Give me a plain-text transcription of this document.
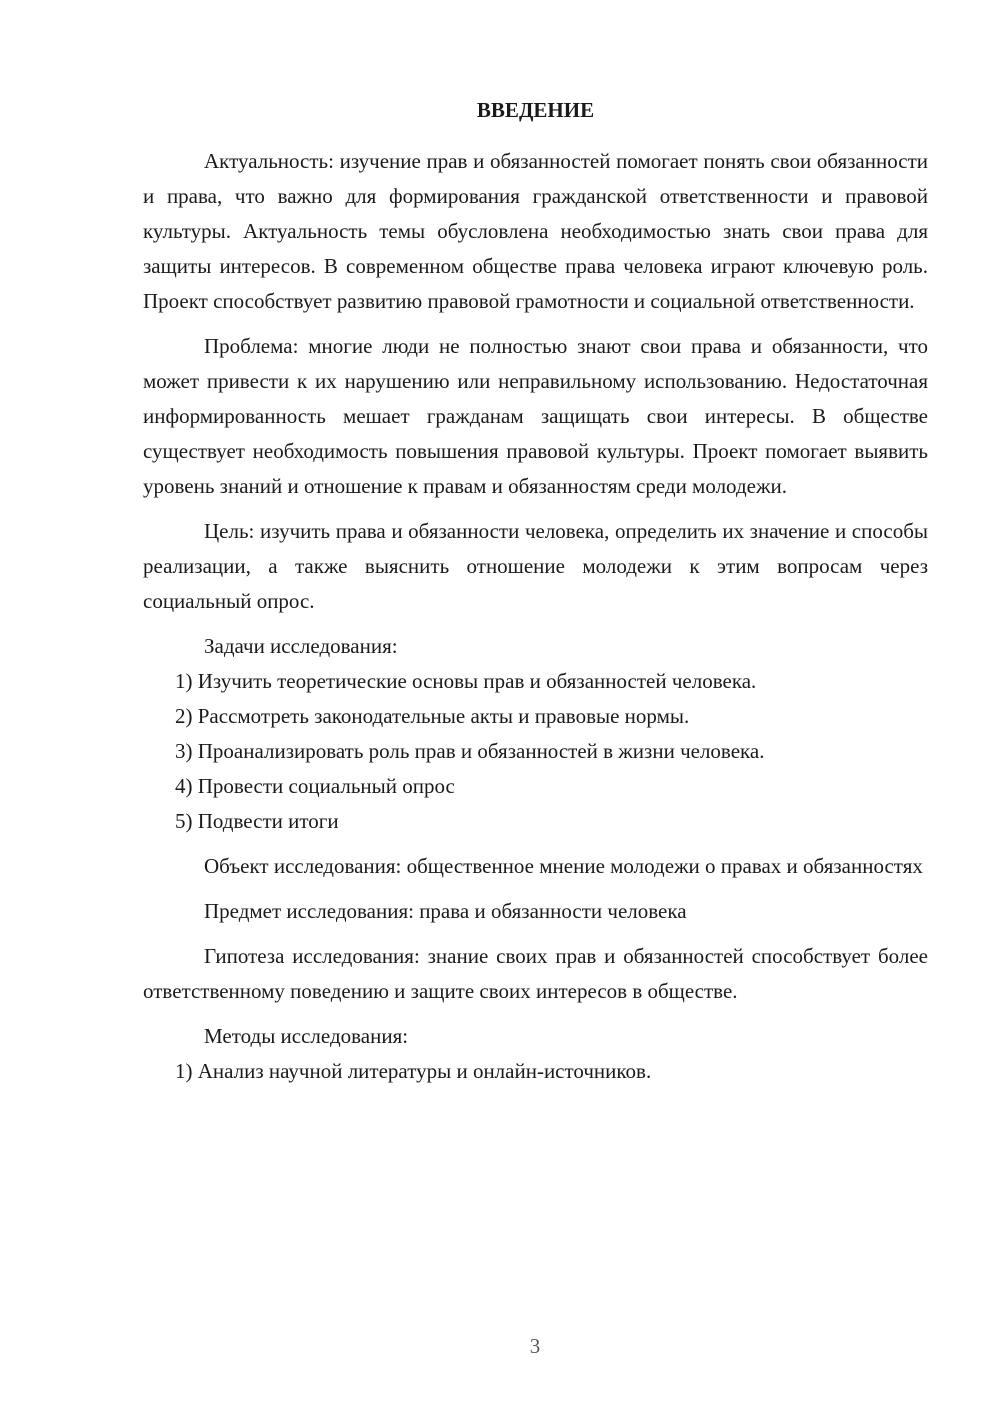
ВВЕДЕНИЕ

Актуальность: изучение прав и обязанностей помогает понять свои обязанности и права, что важно для формирования гражданской ответственности и правовой культуры. Актуальность темы обусловлена необходимостью знать свои права для защиты интересов. В современном обществе права человека играют ключевую роль. Проект способствует развитию правовой грамотности и социальной ответственности.

Проблема: многие люди не полностью знают свои права и обязанности, что может привести к их нарушению или неправильному использованию. Недостаточная информированность мешает гражданам защищать свои интересы. В обществе существует необходимость повышения правовой культуры. Проект помогает выявить уровень знаний и отношение к правам и обязанностям среди молодежи.

Цель: изучить права и обязанности человека, определить их значение и способы реализации, а также выяснить отношение молодежи к этим вопросам через социальный опрос.

Задачи исследования:

1) Изучить теоретические основы прав и обязанностей человека.

2) Рассмотреть законодательные акты и правовые нормы.

3) Проанализировать роль прав и обязанностей в жизни человека.

4) Провести социальный опрос

5) Подвести итоги

Объект исследования: общественное мнение молодежи о правах и обязанностях

Предмет исследования: права и обязанности человека

Гипотеза исследования: знание своих прав и обязанностей способствует более ответственному поведению и защите своих интересов в обществе.

Методы исследования:

1) Анализ научной литературы и онлайн-источников.

3
